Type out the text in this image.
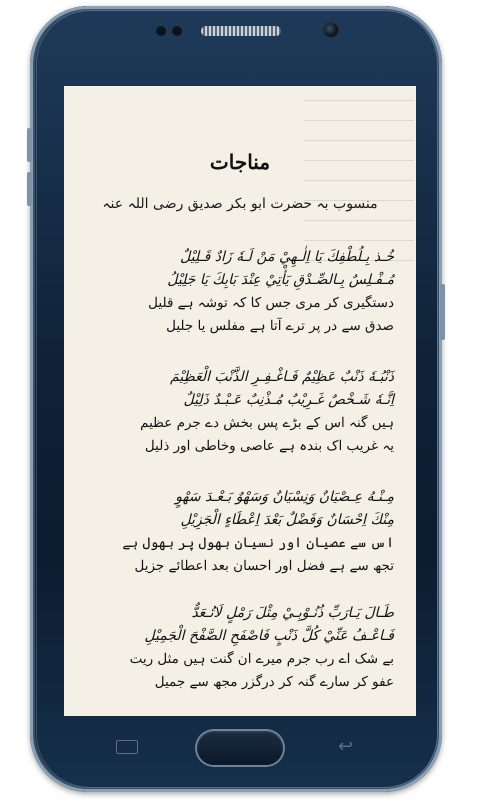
مناجات
منسوب بہ حضرت ابو بکر صدیق رضی اللہ عنہ
خُـذ بِـلُطْفِكَ يَا اِلٰـهِيْ مَنْ لَـهٗ زَادٌ قَـلِيْلٌ
مُـفْـلِسٌ بِـالصِّـدْقِ يَأْتِيْ عِنْدَ بَابِكَ يَا جَلِيْلُ
دستگیری کر مری جس کا کہ توشہ ہے قلیل
صدق سے در پر ترے آتا ہے مفلس یا جلیل
ذَنْبُـهٗ ذَنْبٌ عَظِيْمٌ فَـاغْـفِـرِ الذَّنْبَ الْعَظِيْمَ
اِنَّـهٗ شَـخْصٌ غَـرِيْبٌ مُـذْنِبٌ عَـبْـدٌ ذَلِيْلٌ
ہیں گنہ اس کے بڑے پس بخش دے جرم عظیم
یہ غریب اک بندہ ہے عاصی وخاطی اور ذلیل
مِـنْـهُ عِـصْيَانٌ وَنِسْيَانٌ وَسَهْوٌ بَـعْـدَ سَهْوٍ
مِنْكَ اِحْسَانٌ وَفَضْلٌ بَعْدَ اِعْطَاءٍ الْجَزِيْلِ
اس سے عصیان اور نسیان بھول پر بھول ہے
تجھ سے ہے فضل اور احسان بعد اعطائے جزیل
طَـالَ يَـارَبِّ ذُنُـوْبِـيْ مِثْلَ رَمْلٍ لَاتُـعَدٌّ
فَـاعْـفُ عَنِّيْ كُلَّ ذَنْبٍ فَاصْفَحِ الصَّفْحَ الْجَمِيْلِ
بے شک اے رب جرم میرے ان گنت ہیں مثل ریت
عفو کر سارے گنہ کر درگزر مجھ سے جمیل
↩
